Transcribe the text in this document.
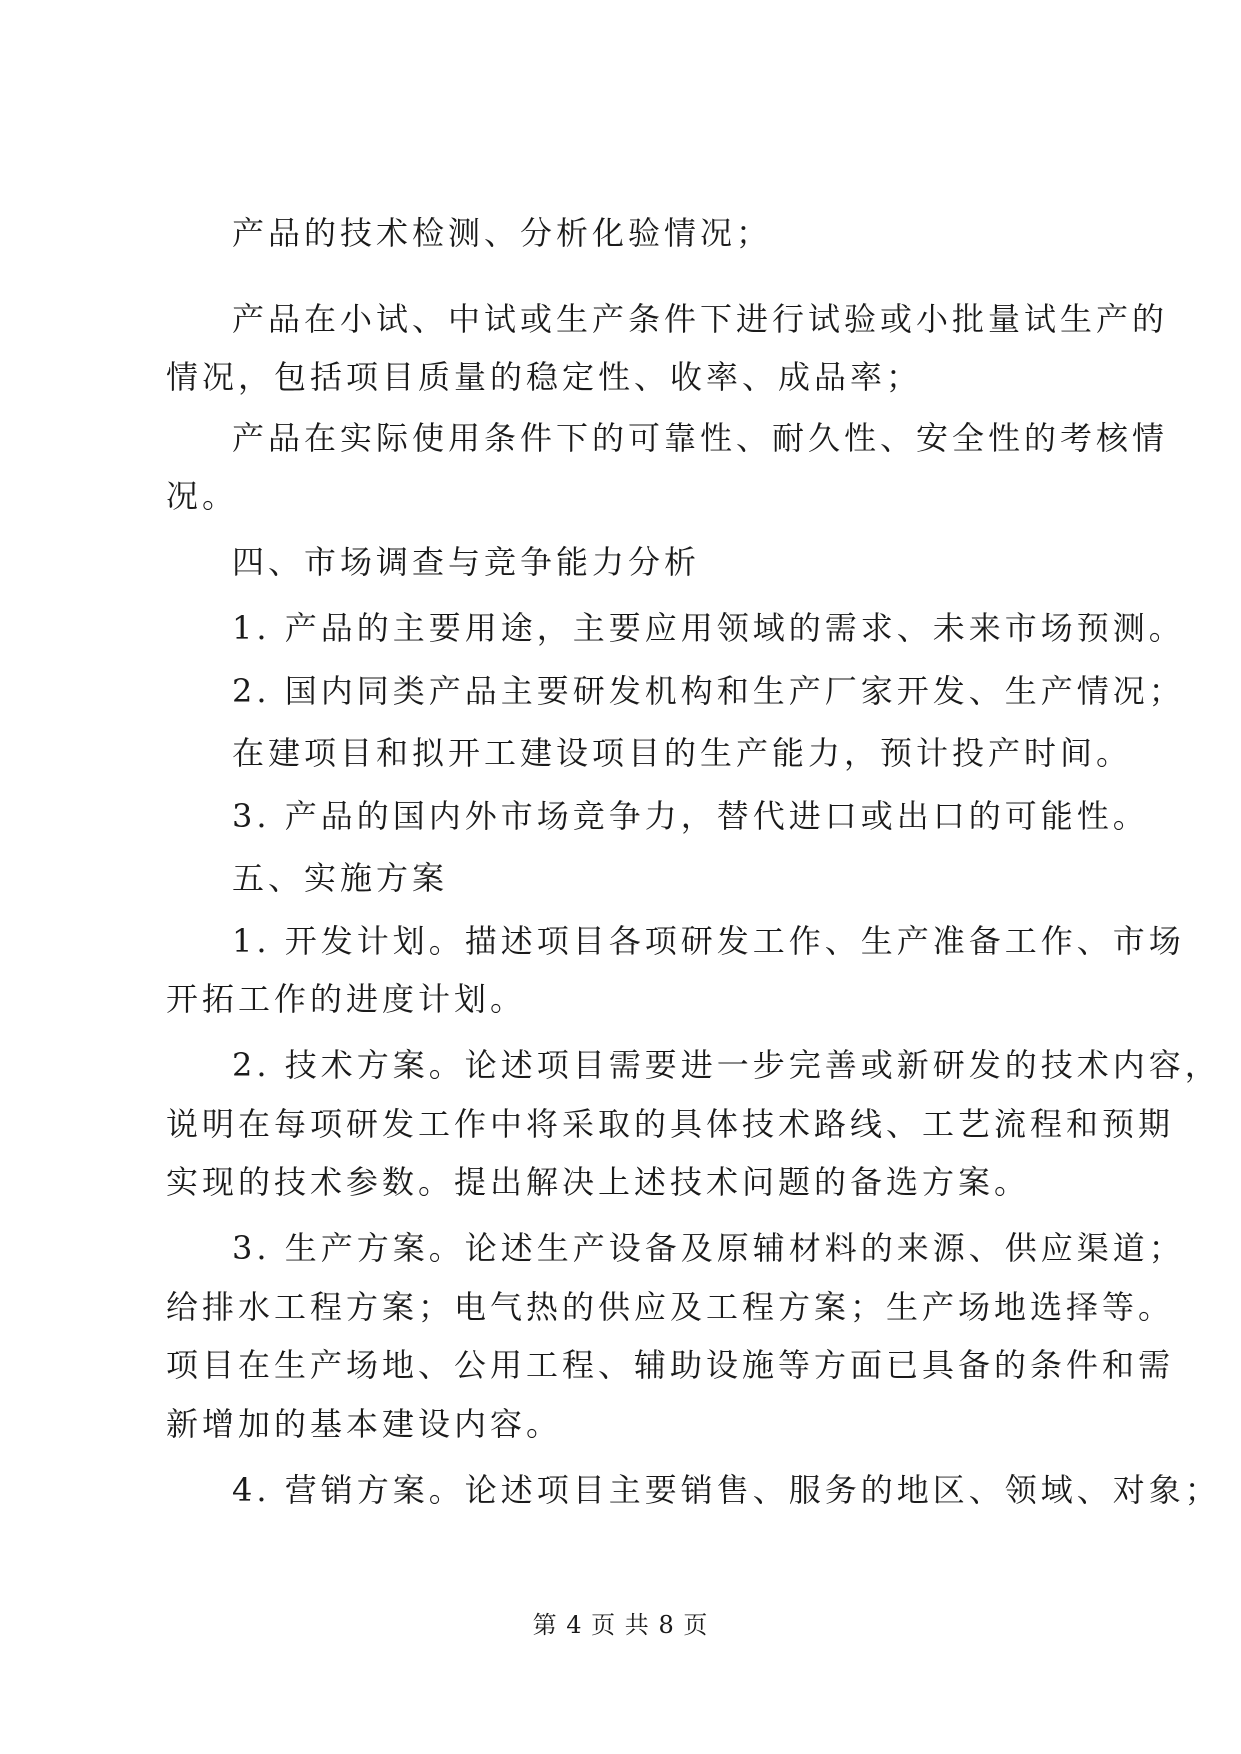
产品的技术检测、分析化验情况；
产品在小试、中试或生产条件下进行试验或小批量试生产的
情况，包括项目质量的稳定性、收率、成品率；
产品在实际使用条件下的可靠性、耐久性、安全性的考核情
况。
四、市场调查与竞争能力分析
1. 产品的主要用途，主要应用领域的需求、未来市场预测。
2. 国内同类产品主要研发机构和生产厂家开发、生产情况；
在建项目和拟开工建设项目的生产能力，预计投产时间。
3. 产品的国内外市场竞争力，替代进口或出口的可能性。
五、实施方案
1. 开发计划。描述项目各项研发工作、生产准备工作、市场
开拓工作的进度计划。
2. 技术方案。论述项目需要进一步完善或新研发的技术内容，
说明在每项研发工作中将采取的具体技术路线、工艺流程和预期
实现的技术参数。提出解决上述技术问题的备选方案。
3. 生产方案。论述生产设备及原辅材料的来源、供应渠道；
给排水工程方案；电气热的供应及工程方案；生产场地选择等。
项目在生产场地、公用工程、辅助设施等方面已具备的条件和需
新增加的基本建设内容。
4. 营销方案。论述项目主要销售、服务的地区、领域、对象；
第 4 页 共 8 页
